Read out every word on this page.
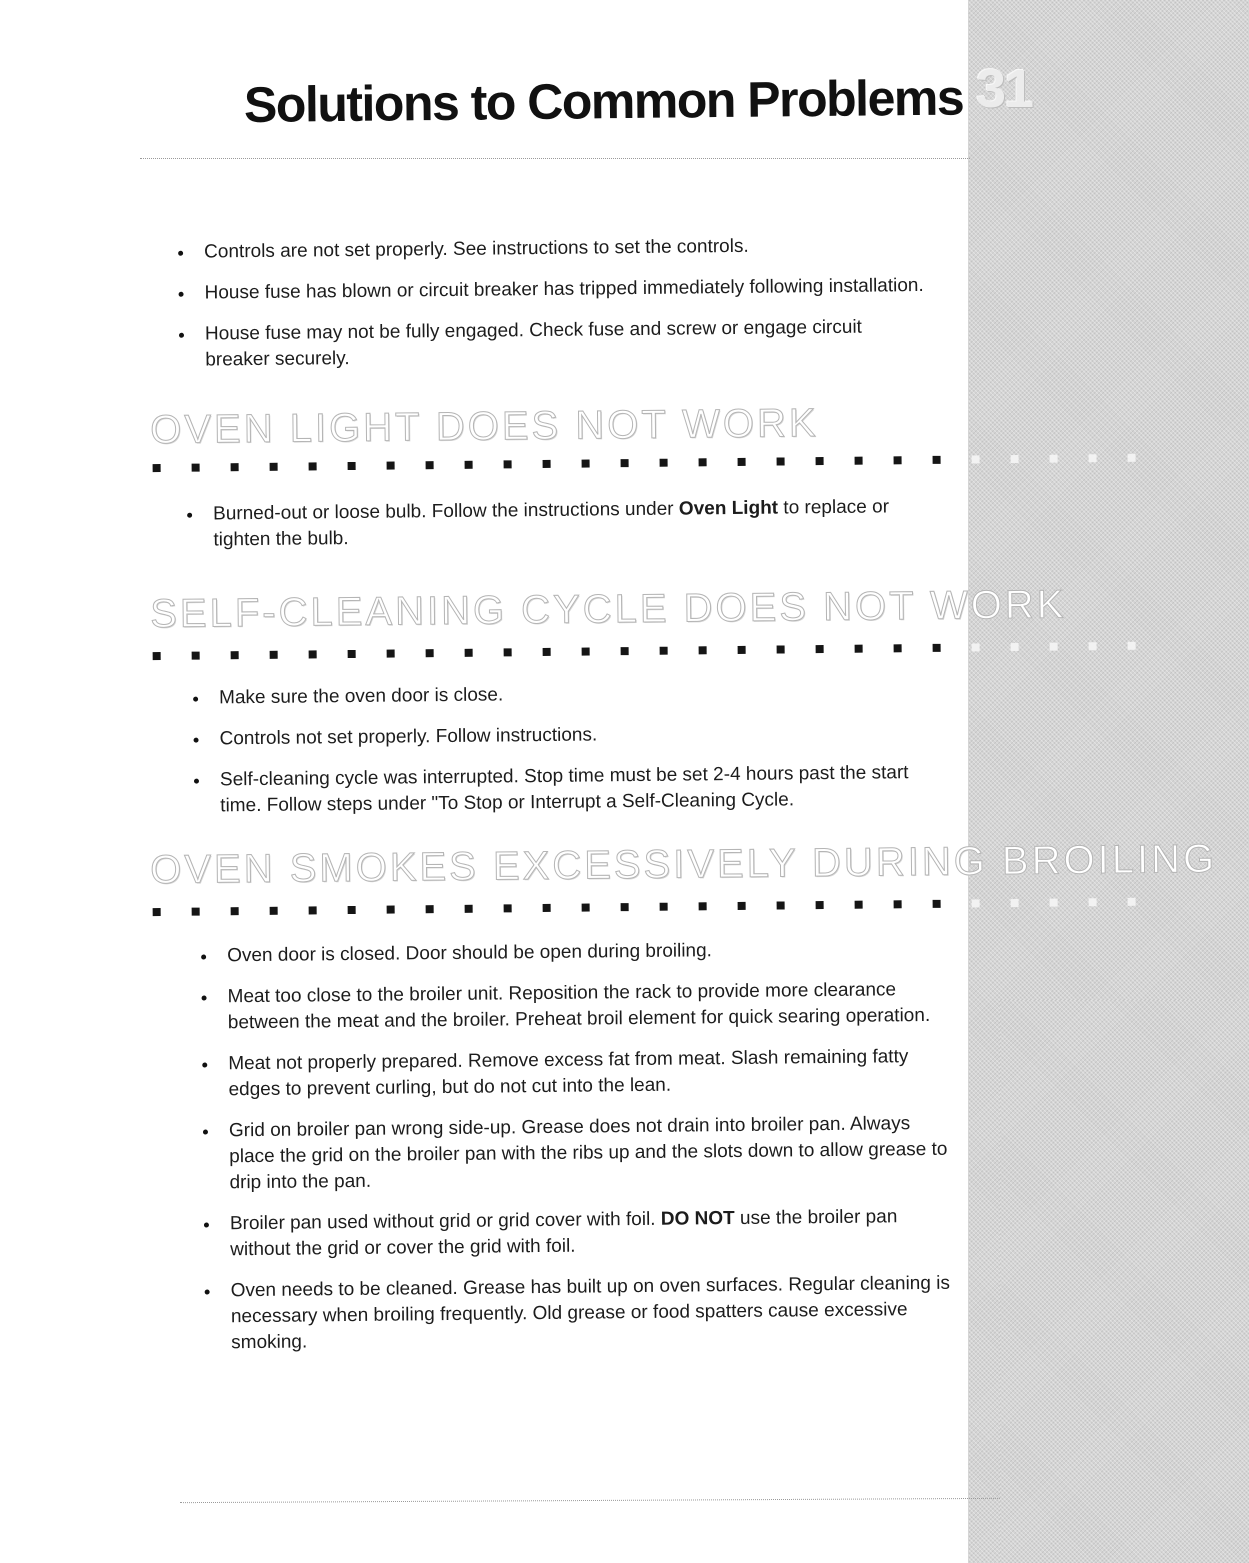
31
Solutions to Common Problems
Controls are not set properly. See instructions to set the controls.
House fuse has blown or circuit breaker has tripped immediately following installation.
House fuse may not be fully engaged. Check fuse and screw or engage circuit breaker securely.
OVEN LIGHT DOES NOT WORK
Burned-out or loose bulb. Follow the instructions under Oven Light to replace or tighten the bulb.
SELF-CLEANING CYCLE DOES NOT WORK
Make sure the oven door is close.
Controls not set properly. Follow instructions.
Self-cleaning cycle was interrupted. Stop time must be set 2-4 hours past the start time. Follow steps under "To Stop or Interrupt a Self-Cleaning Cycle.
OVEN SMOKES EXCESSIVELY DURING BROILING
Oven door is closed. Door should be open during broiling.
Meat too close to the broiler unit. Reposition the rack to provide more clearance between the meat and the broiler. Preheat broil element for quick searing operation.
Meat not properly prepared. Remove excess fat from meat. Slash remaining fatty edges to prevent curling, but do not cut into the lean.
Grid on broiler pan wrong side-up. Grease does not drain into broiler pan. Always place the grid on the broiler pan with the ribs up and the slots down to allow grease to drip into the pan.
Broiler pan used without grid or grid cover with foil. DO NOT use the broiler pan without the grid or cover the grid with foil.
Oven needs to be cleaned. Grease has built up on oven surfaces. Regular cleaning is necessary when broiling frequently. Old grease or food spatters cause excessive smoking.
